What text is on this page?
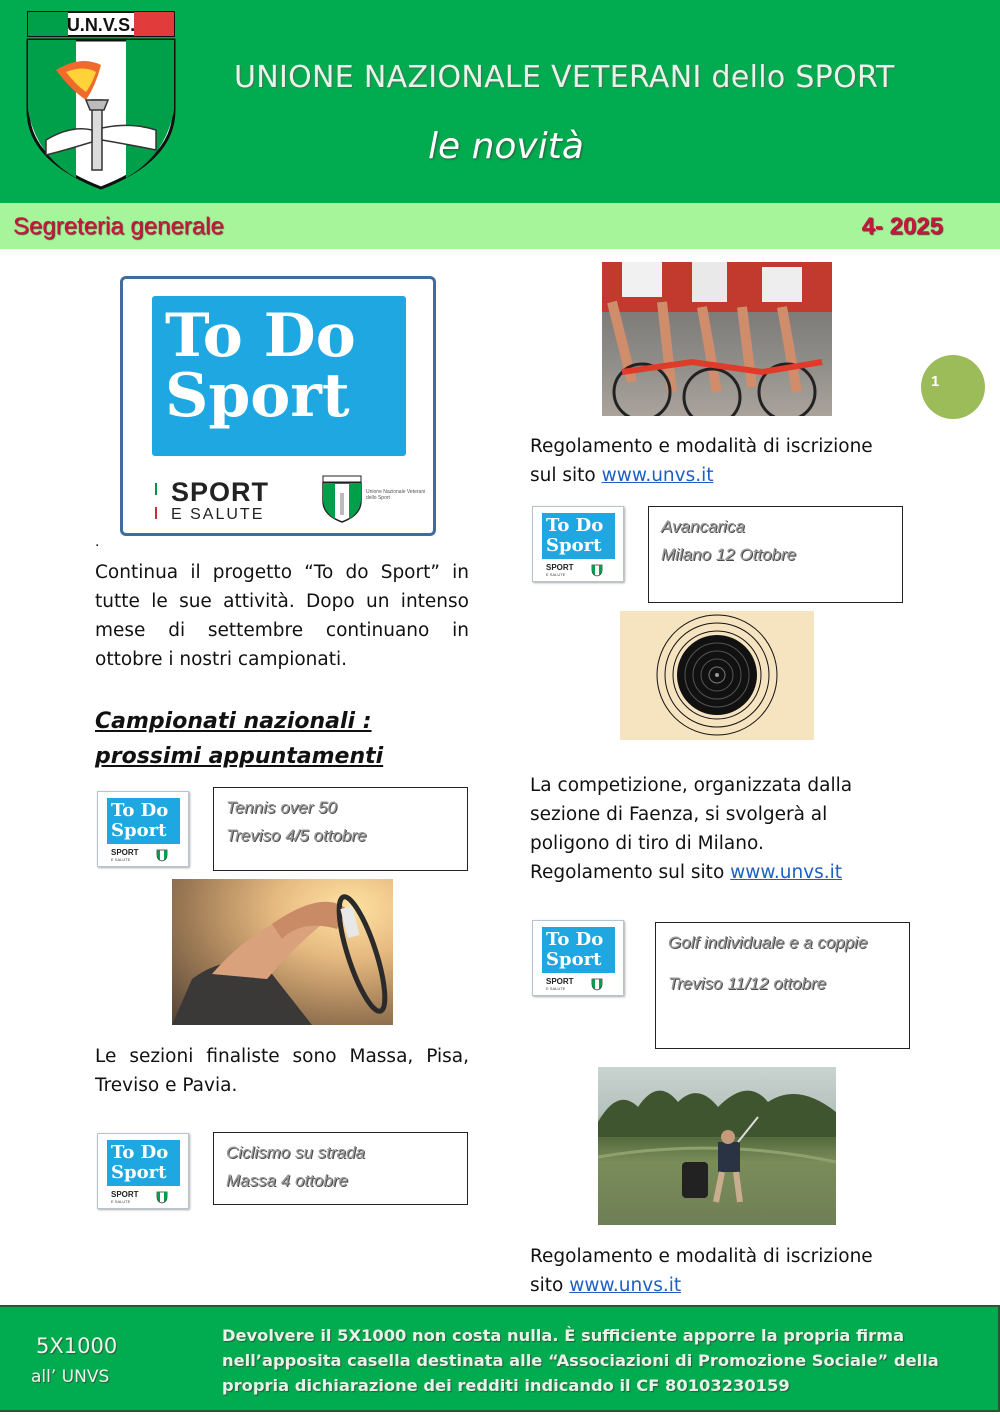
U.N.V.S.
UNIONE NAZIONALE VETERANI dello SPORT
le novità
Segreteria generale	4- 2025
1
To Do
Sport
SPORT
E SALUTE
Unione Nazionale Veterani dello Sport
.
Continua il progetto “To do Sport” in tutte le sue attività. Dopo un intenso mese di settembre continuano in ottobre i nostri campionati.
Campionati nazionali : prossimi appuntamenti
To Do
Sport
SPORT
E SALUTE
Tennis over 50
Treviso 4/5 ottobre
Le sezioni finaliste sono Massa, Pisa, Treviso e Pavia.
To Do
Sport
SPORT
E SALUTE
Ciclismo su strada
Massa 4 ottobre
Regolamento e modalità di iscrizione
sul sito www.unvs.it
To Do
Sport
SPORT
E SALUTE
Avancarica
Milano 12 Ottobre
La competizione, organizzata dalla
sezione di Faenza, si svolgerà al
poligono di tiro di Milano.
Regolamento sul sito www.unvs.it
To Do
Sport
SPORT
E SALUTE
Golf individuale e a coppie
Treviso 11/12 ottobre
Regolamento e modalità di iscrizione
sito www.unvs.it
5X1000
all’ UNVS
Devolvere il 5X1000 non costa nulla. È sufficiente apporre la propria firma
nell’apposita casella destinata alle “Associazioni di Promozione Sociale” della
propria dichiarazione dei redditi indicando il CF 80103230159
